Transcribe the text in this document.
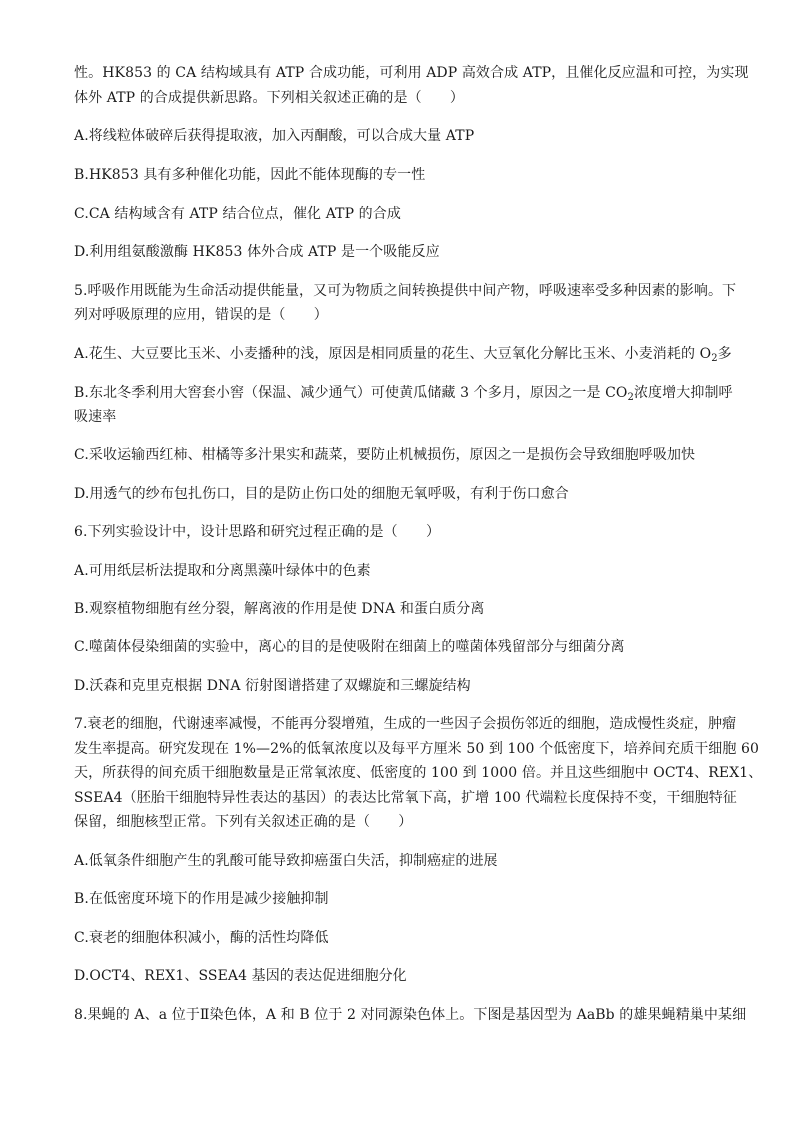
性。HK853 的 CA 结构域具有 ATP 合成功能，可利用 ADP 高效合成 ATP，且催化反应温和可控，为实现
体外 ATP 的合成提供新思路。下列相关叙述正确的是（　　）
A.将线粒体破碎后获得提取液，加入丙酮酸，可以合成大量 ATP
B.HK853 具有多种催化功能，因此不能体现酶的专一性
C.CA 结构域含有 ATP 结合位点，催化 ATP 的合成
D.利用组氨酸激酶 HK853 体外合成 ATP 是一个吸能反应
5.呼吸作用既能为生命活动提供能量，又可为物质之间转换提供中间产物，呼吸速率受多种因素的影响。下
列对呼吸原理的应用，错误的是（　　）
A.花生、大豆要比玉米、小麦播种的浅，原因是相同质量的花生、大豆氧化分解比玉米、小麦消耗的 $O_2$多
B.东北冬季利用大窖套小窖（保温、减少通气）可使黄瓜储藏 3 个多月，原因之一是 $CO_2$浓度增大抑制呼
吸速率
C.采收运输西红柿、柑橘等多汁果实和蔬菜，要防止机械损伤，原因之一是损伤会导致细胞呼吸加快
D.用透气的纱布包扎伤口，目的是防止伤口处的细胞无氧呼吸，有利于伤口愈合
6.下列实验设计中，设计思路和研究过程正确的是（　　）
A.可用纸层析法提取和分离黑藻叶绿体中的色素
B.观察植物细胞有丝分裂，解离液的作用是使 DNA 和蛋白质分离
C.噬菌体侵染细菌的实验中，离心的目的是使吸附在细菌上的噬菌体残留部分与细菌分离
D.沃森和克里克根据 DNA 衍射图谱搭建了双螺旋和三螺旋结构
7.衰老的细胞，代谢速率减慢，不能再分裂增殖，生成的一些因子会损伤邻近的细胞，造成慢性炎症，肿瘤
发生率提高。研究发现在 1%—2%的低氧浓度以及每平方厘米 50 到 100 个低密度下，培养间充质干细胞 60
天，所获得的间充质干细胞数量是正常氧浓度、低密度的 100 到 1000 倍。并且这些细胞中 OCT4、REX1、
SSEA4（胚胎干细胞特异性表达的基因）的表达比常氧下高，扩增 100 代端粒长度保持不变，干细胞特征
保留，细胞核型正常。下列有关叙述正确的是（　　）
A.低氧条件细胞产生的乳酸可能导致抑癌蛋白失活，抑制癌症的进展
B.在低密度环境下的作用是减少接触抑制
C.衰老的细胞体积减小，酶的活性均降低
D.OCT4、REX1、SSEA4 基因的表达促进细胞分化
8.果蝇的 A、a 位于Ⅱ染色体，A 和 B 位于 2 对同源染色体上。下图是基因型为 AaBb 的雄果蝇精巢中某细
